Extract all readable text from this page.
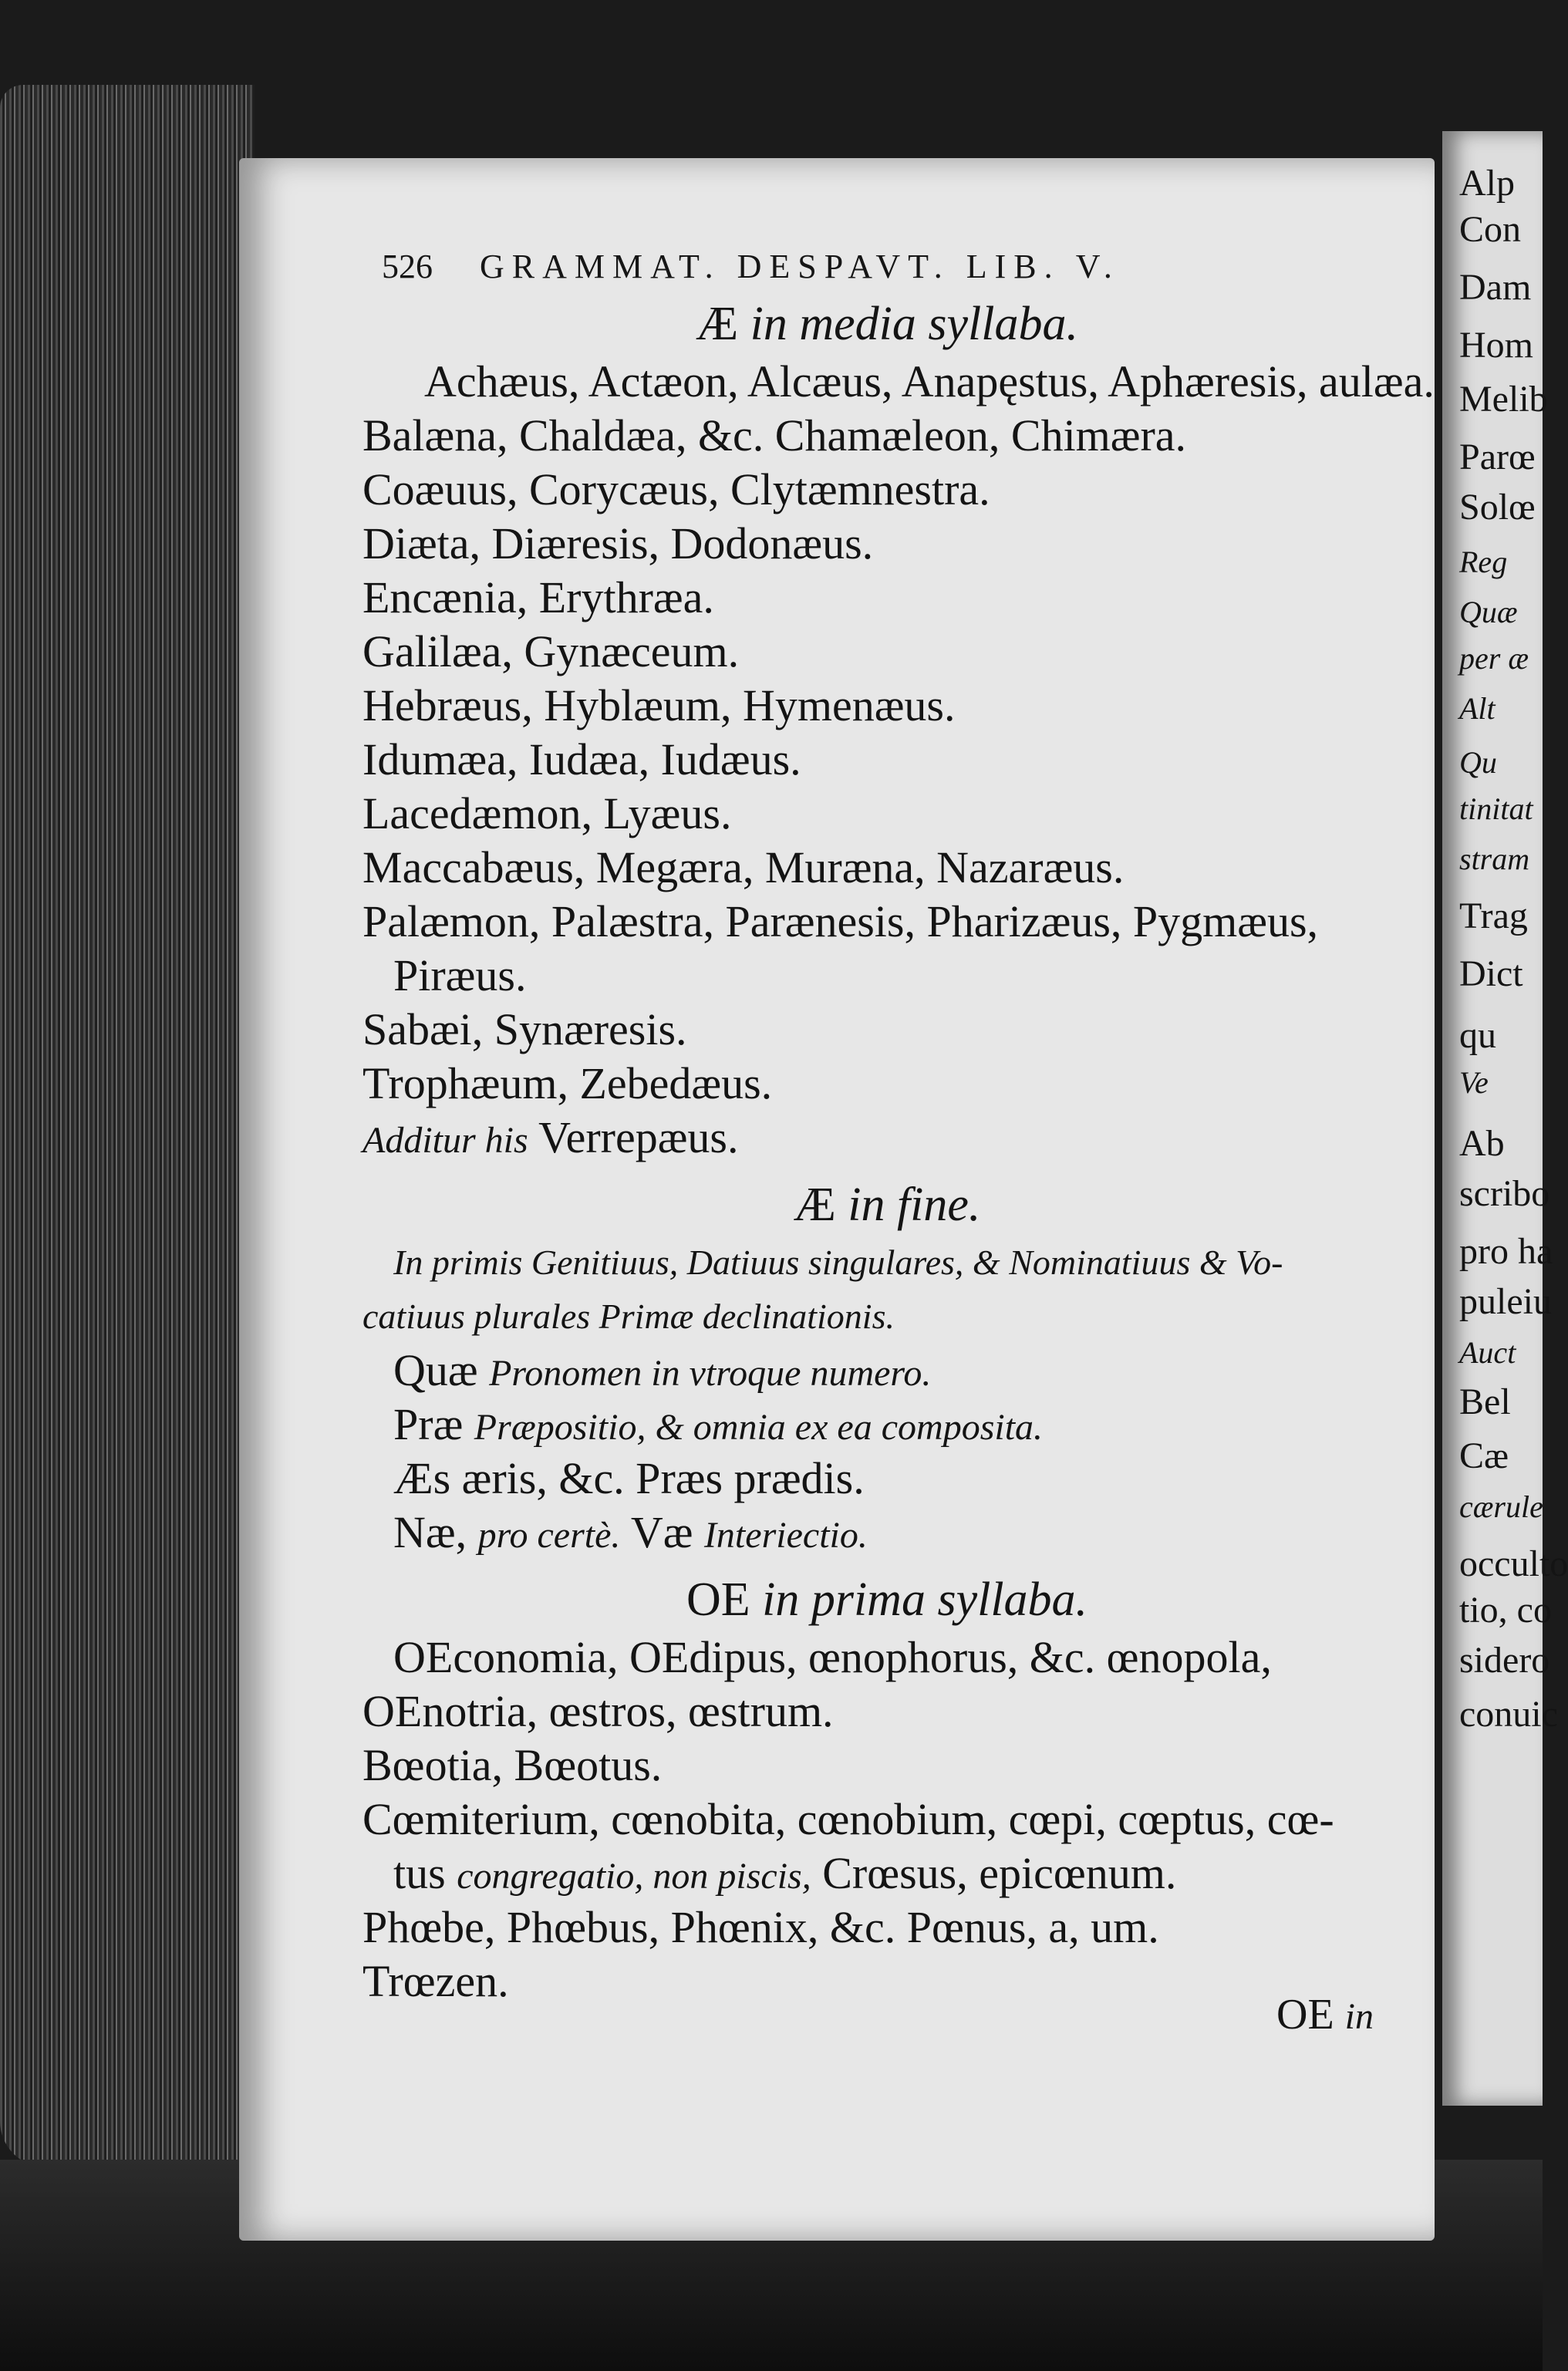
Alp
Con
Dam
Hom
Melib
Parœ
Solœ
Reg
Quæ
per æ
Alt
Qu
tinitat
stram
Trag
Dict
qu
Ve
Ab
scribo
pro ha
puleiu
Auct
Bel
Cæ
cærule
occulto
tio, co
sidero
conuic
526 GRAMMAT. DESPAVT. LIB. V.
Æ in media syllaba.
Achæus, Actæon, Alcæus, Anapęstus, Aphæresis, aulæa.
Balæna, Chaldæa, &c. Chamæleon, Chimæra.
Coæuus, Corycæus, Clytæmnestra.
Diæta, Diæresis, Dodonæus.
Encænia, Erythræa.
Galilæa, Gynæceum.
Hebræus, Hyblæum, Hymenæus.
Idumæa, Iudæa, Iudæus.
Lacedæmon, Lyæus.
Maccabæus, Megæra, Murænа, Nazaræus.
Palæmon, Palæstra, Parænesis, Pharizæus, Pygmæus,
Piræus.
Sabæi, Synæresis.
Trophæum, Zebedæus.
Additur his Verrepæus.
Æ in fine.
In primis Genitiuus, Datiuus singulares, & Nominatiuus & Vo-
catiuus plurales Primæ declinationis.
Quæ Pronomen in vtroque numero.
Præ Præpositio, & omnia ex ea composita.
Æs æris, &c. Præs prædis.
Næ, pro certè. Væ Interiectio.
OE in prima syllaba.
OEconomia, OEdipus, œnophorus, &c. œnopola,
OEnotria, œstros, œstrum.
Bœotia, Bœotus.
Cœmiterium, cœnobita, cœnobium, cœpi, cœptus, cœ-
tus congregatio, non piscis, Crœsus, epicœnum.
Phœbe, Phœbus, Phœnix, &c. Pœnus, a, um.
Trœzen.
OE in
